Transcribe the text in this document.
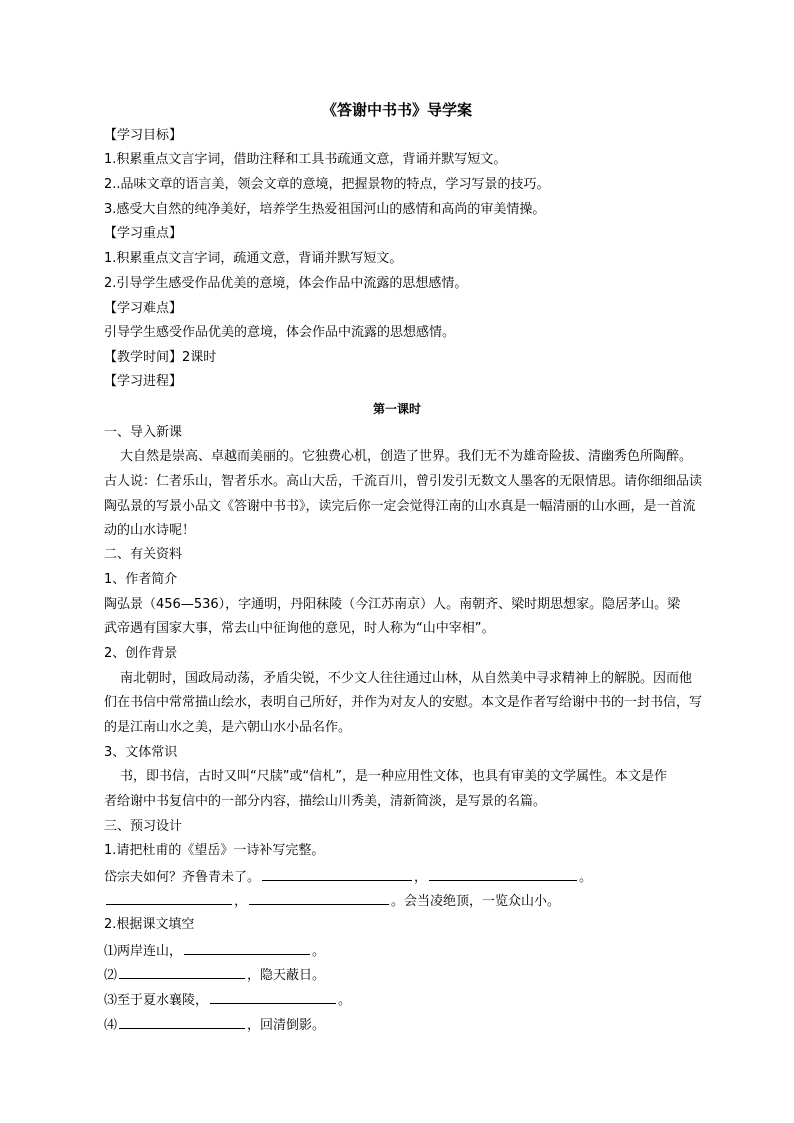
《答谢中书书》导学案
【学习目标】
1.积累重点文言字词，借助注释和工具书疏通文意，背诵并默写短文。
2..品味文章的语言美，领会文章的意境，把握景物的特点，学习写景的技巧。
3.感受大自然的纯净美好，培养学生热爱祖国河山的感情和高尚的审美情操。
【学习重点】
1.积累重点文言字词，疏通文意，背诵并默写短文。
2.引导学生感受作品优美的意境，体会作品中流露的思想感情。
【学习难点】
引导学生感受作品优美的意境，体会作品中流露的思想感情。
【教学时间】2课时
【学习进程】
第一课时
一、导入新课
大自然是崇高、卓越而美丽的。它独费心机，创造了世界。我们无不为雄奇险拔、清幽秀色所陶醉。
古人说：仁者乐山，智者乐水。高山大岳，千流百川，曾引发引无数文人墨客的无限情思。请你细细品读
陶弘景的写景小品文《答谢中书书》，读完后你一定会觉得江南的山水真是一幅清丽的山水画，是一首流
动的山水诗呢！
二、有关资料
1、作者简介
陶弘景（456—536），字通明，丹阳秣陵（今江苏南京）人。南朝齐、梁时期思想家。隐居茅山。梁
武帝遇有国家大事，常去山中征询他的意见，时人称为“山中宰相”。
2、创作背景
南北朝时，国政局动荡，矛盾尖锐，不少文人往往通过山林，从自然美中寻求精神上的解脱。因而他
们在书信中常常描山绘水，表明自己所好，并作为对友人的安慰。本文是作者写给谢中书的一封书信，写
的是江南山水之美，是六朝山水小品名作。
3、文体常识
书，即书信，古时又叫“尺牍”或“信札”，是一种应用性文体，也具有审美的文学属性。本文是作
者给谢中书复信中的一部分内容，描绘山川秀美，清新简淡，是写景的名篇。
三、预习设计
1.请把杜甫的《望岳》一诗补写完整。
岱宗夫如何？齐鲁青未了。	，	。
，	。会当凌绝顶，一览众山小。
2.根据课文填空
⑴两岸连山，	。
⑵	，隐天蔽日。
⑶至于夏水襄陵，	。
⑷	，回清倒影。
